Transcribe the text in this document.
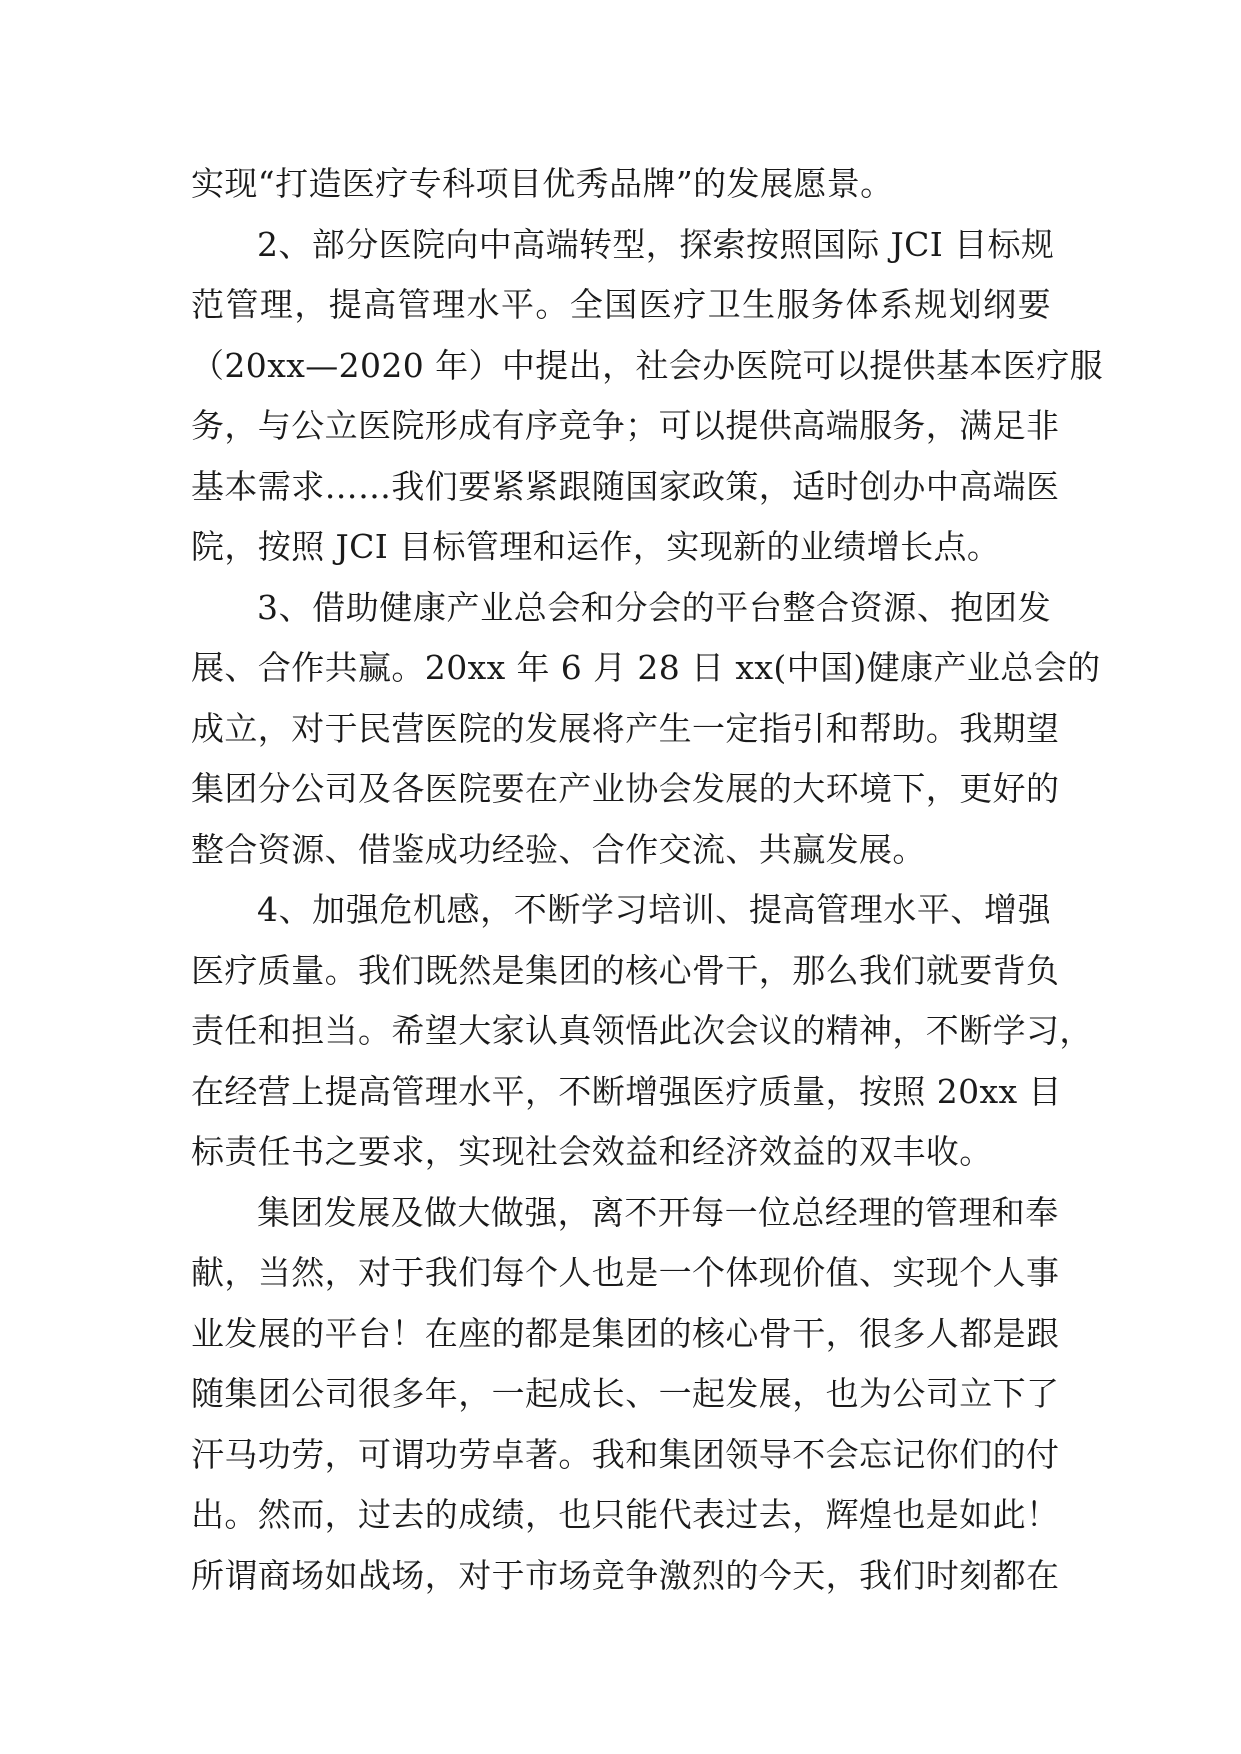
实现“打造医疗专科项目优秀品牌”的发展愿景。
2、部分医院向中高端转型，探索按照国际 JCI 目标规
范管理，提高管理水平。全国医疗卫生服务体系规划纲要
（20xx—2020 年）中提出，社会办医院可以提供基本医疗服
务，与公立医院形成有序竞争；可以提供高端服务，满足非
基本需求……我们要紧紧跟随国家政策，适时创办中高端医
院，按照 JCI 目标管理和运作，实现新的业绩增长点。
3、借助健康产业总会和分会的平台整合资源、抱团发
展、合作共赢。20xx 年 6 月 28 日 xx(中国)健康产业总会的
成立，对于民营医院的发展将产生一定指引和帮助。我期望
集团分公司及各医院要在产业协会发展的大环境下，更好的
整合资源、借鉴成功经验、合作交流、共赢发展。
4、加强危机感，不断学习培训、提高管理水平、增强
医疗质量。我们既然是集团的核心骨干，那么我们就要背负
责任和担当。希望大家认真领悟此次会议的精神，不断学习，
在经营上提高管理水平，不断增强医疗质量，按照 20xx 目
标责任书之要求，实现社会效益和经济效益的双丰收。
集团发展及做大做强，离不开每一位总经理的管理和奉
献，当然，对于我们每个人也是一个体现价值、实现个人事
业发展的平台！在座的都是集团的核心骨干，很多人都是跟
随集团公司很多年，一起成长、一起发展，也为公司立下了
汗马功劳，可谓功劳卓著。我和集团领导不会忘记你们的付
出。然而，过去的成绩，也只能代表过去，辉煌也是如此！
所谓商场如战场，对于市场竞争激烈的今天，我们时刻都在
